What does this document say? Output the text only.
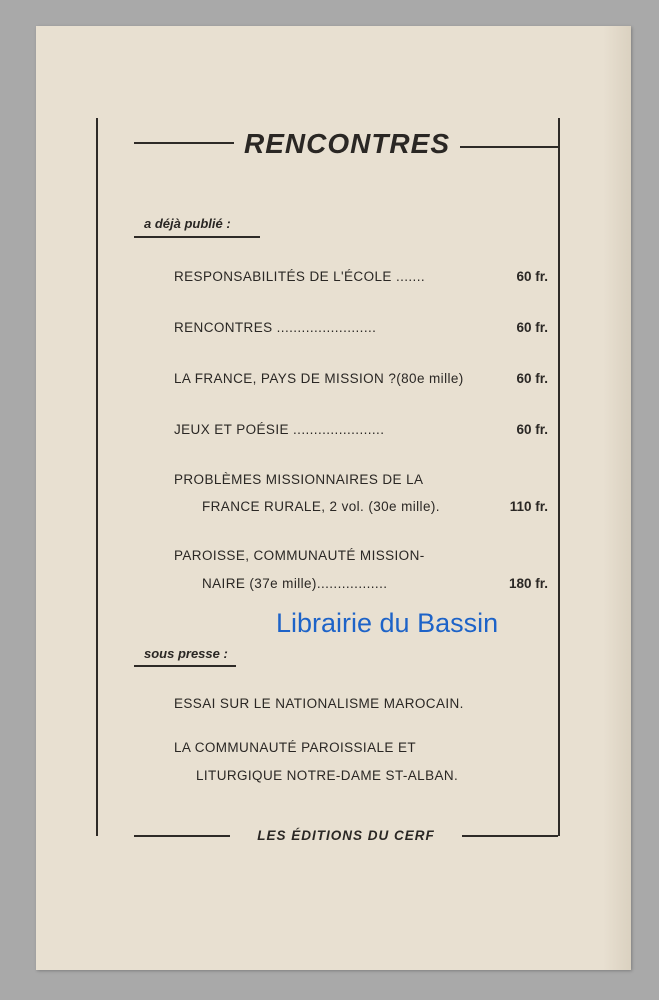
RENCONTRES
a déjà publié :
RESPONSABILITÉS DE L'ÉCOLE .......	60 fr.
RENCONTRES ........................	60 fr.
LA FRANCE, PAYS DE MISSION ?(80e mille)	60 fr.
JEUX ET POÉSIE ......................	60 fr.
PROBLÈMES MISSIONNAIRES DE LA
FRANCE RURALE, 2 vol. (30e mille).	110 fr.
PAROISSE, COMMUNAUTÉ MISSION-
NAIRE (37e mille).................	180 fr.
sous presse :
ESSAI SUR LE NATIONALISME MAROCAIN.
LA COMMUNAUTÉ PAROISSIALE ET
LITURGIQUE NOTRE-DAME ST-ALBAN.
LES ÉDITIONS DU CERF
Librairie du Bassin
